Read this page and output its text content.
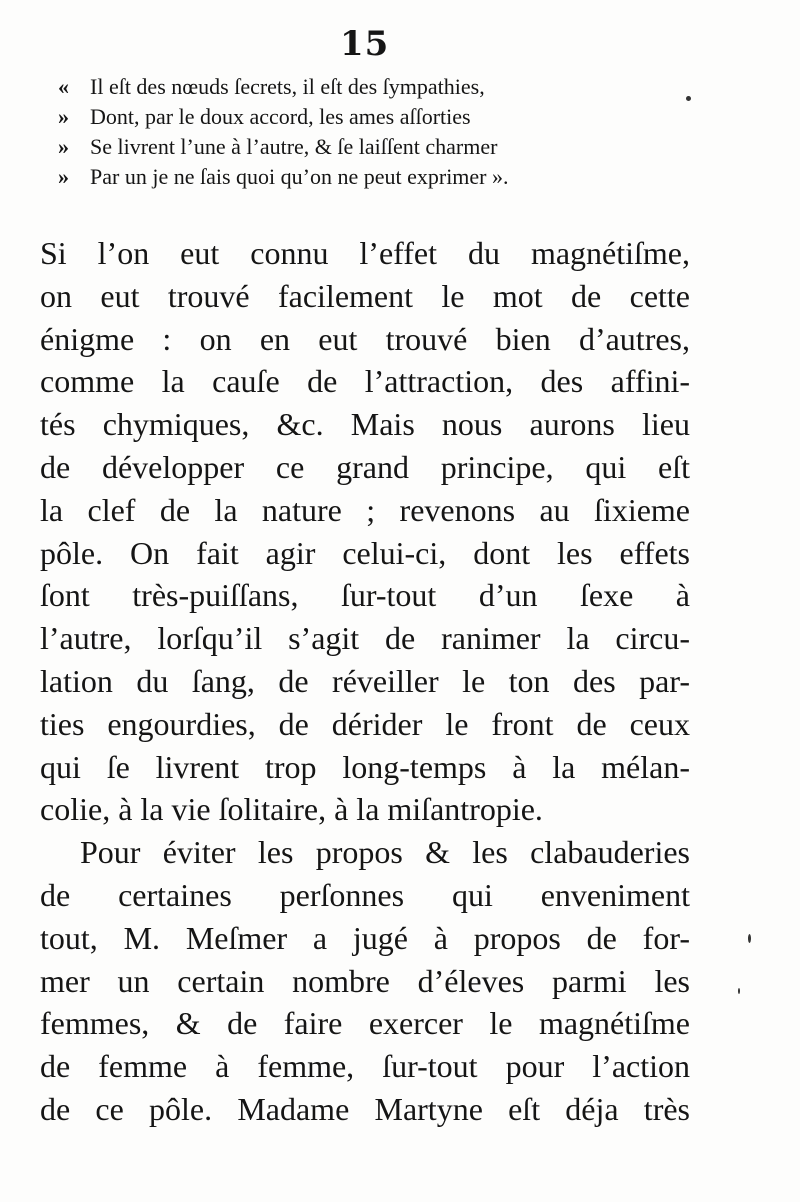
15
« Il eſt des nœuds ſecrets, il eſt des ſympathies,
» Dont, par le doux accord, les ames aſſorties
» Se livrent l’une à l’autre, & ſe laiſſent charmer
» Par un je ne ſais quoi qu’on ne peut exprimer ».
Si l’on eut connu l’effet du magnétiſme,
on eut trouvé facilement le mot de cette
énigme : on en eut trouvé bien d’autres,
comme la cauſe de l’attraction, des affini-
tés chymiques, &c. Mais nous aurons lieu
de développer ce grand principe, qui eſt
la clef de la nature ; revenons au ſixieme
pôle. On fait agir celui-ci, dont les effets
ſont très-puiſſans, ſur-tout d’un ſexe à
l’autre, lorſqu’il s’agit de ranimer la circu-
lation du ſang, de réveiller le ton des par-
ties engourdies, de dérider le front de ceux
qui ſe livrent trop long-temps à la mélan-
colie, à la vie ſolitaire, à la miſantropie.
Pour éviter les propos & les clabauderies
de certaines perſonnes qui enveniment
tout, M. Meſmer a jugé à propos de for-
mer un certain nombre d’éleves parmi les
femmes, & de faire exercer le magnétiſme
de femme à femme, ſur-tout pour l’action
de ce pôle. Madame Martyne eſt déja très
